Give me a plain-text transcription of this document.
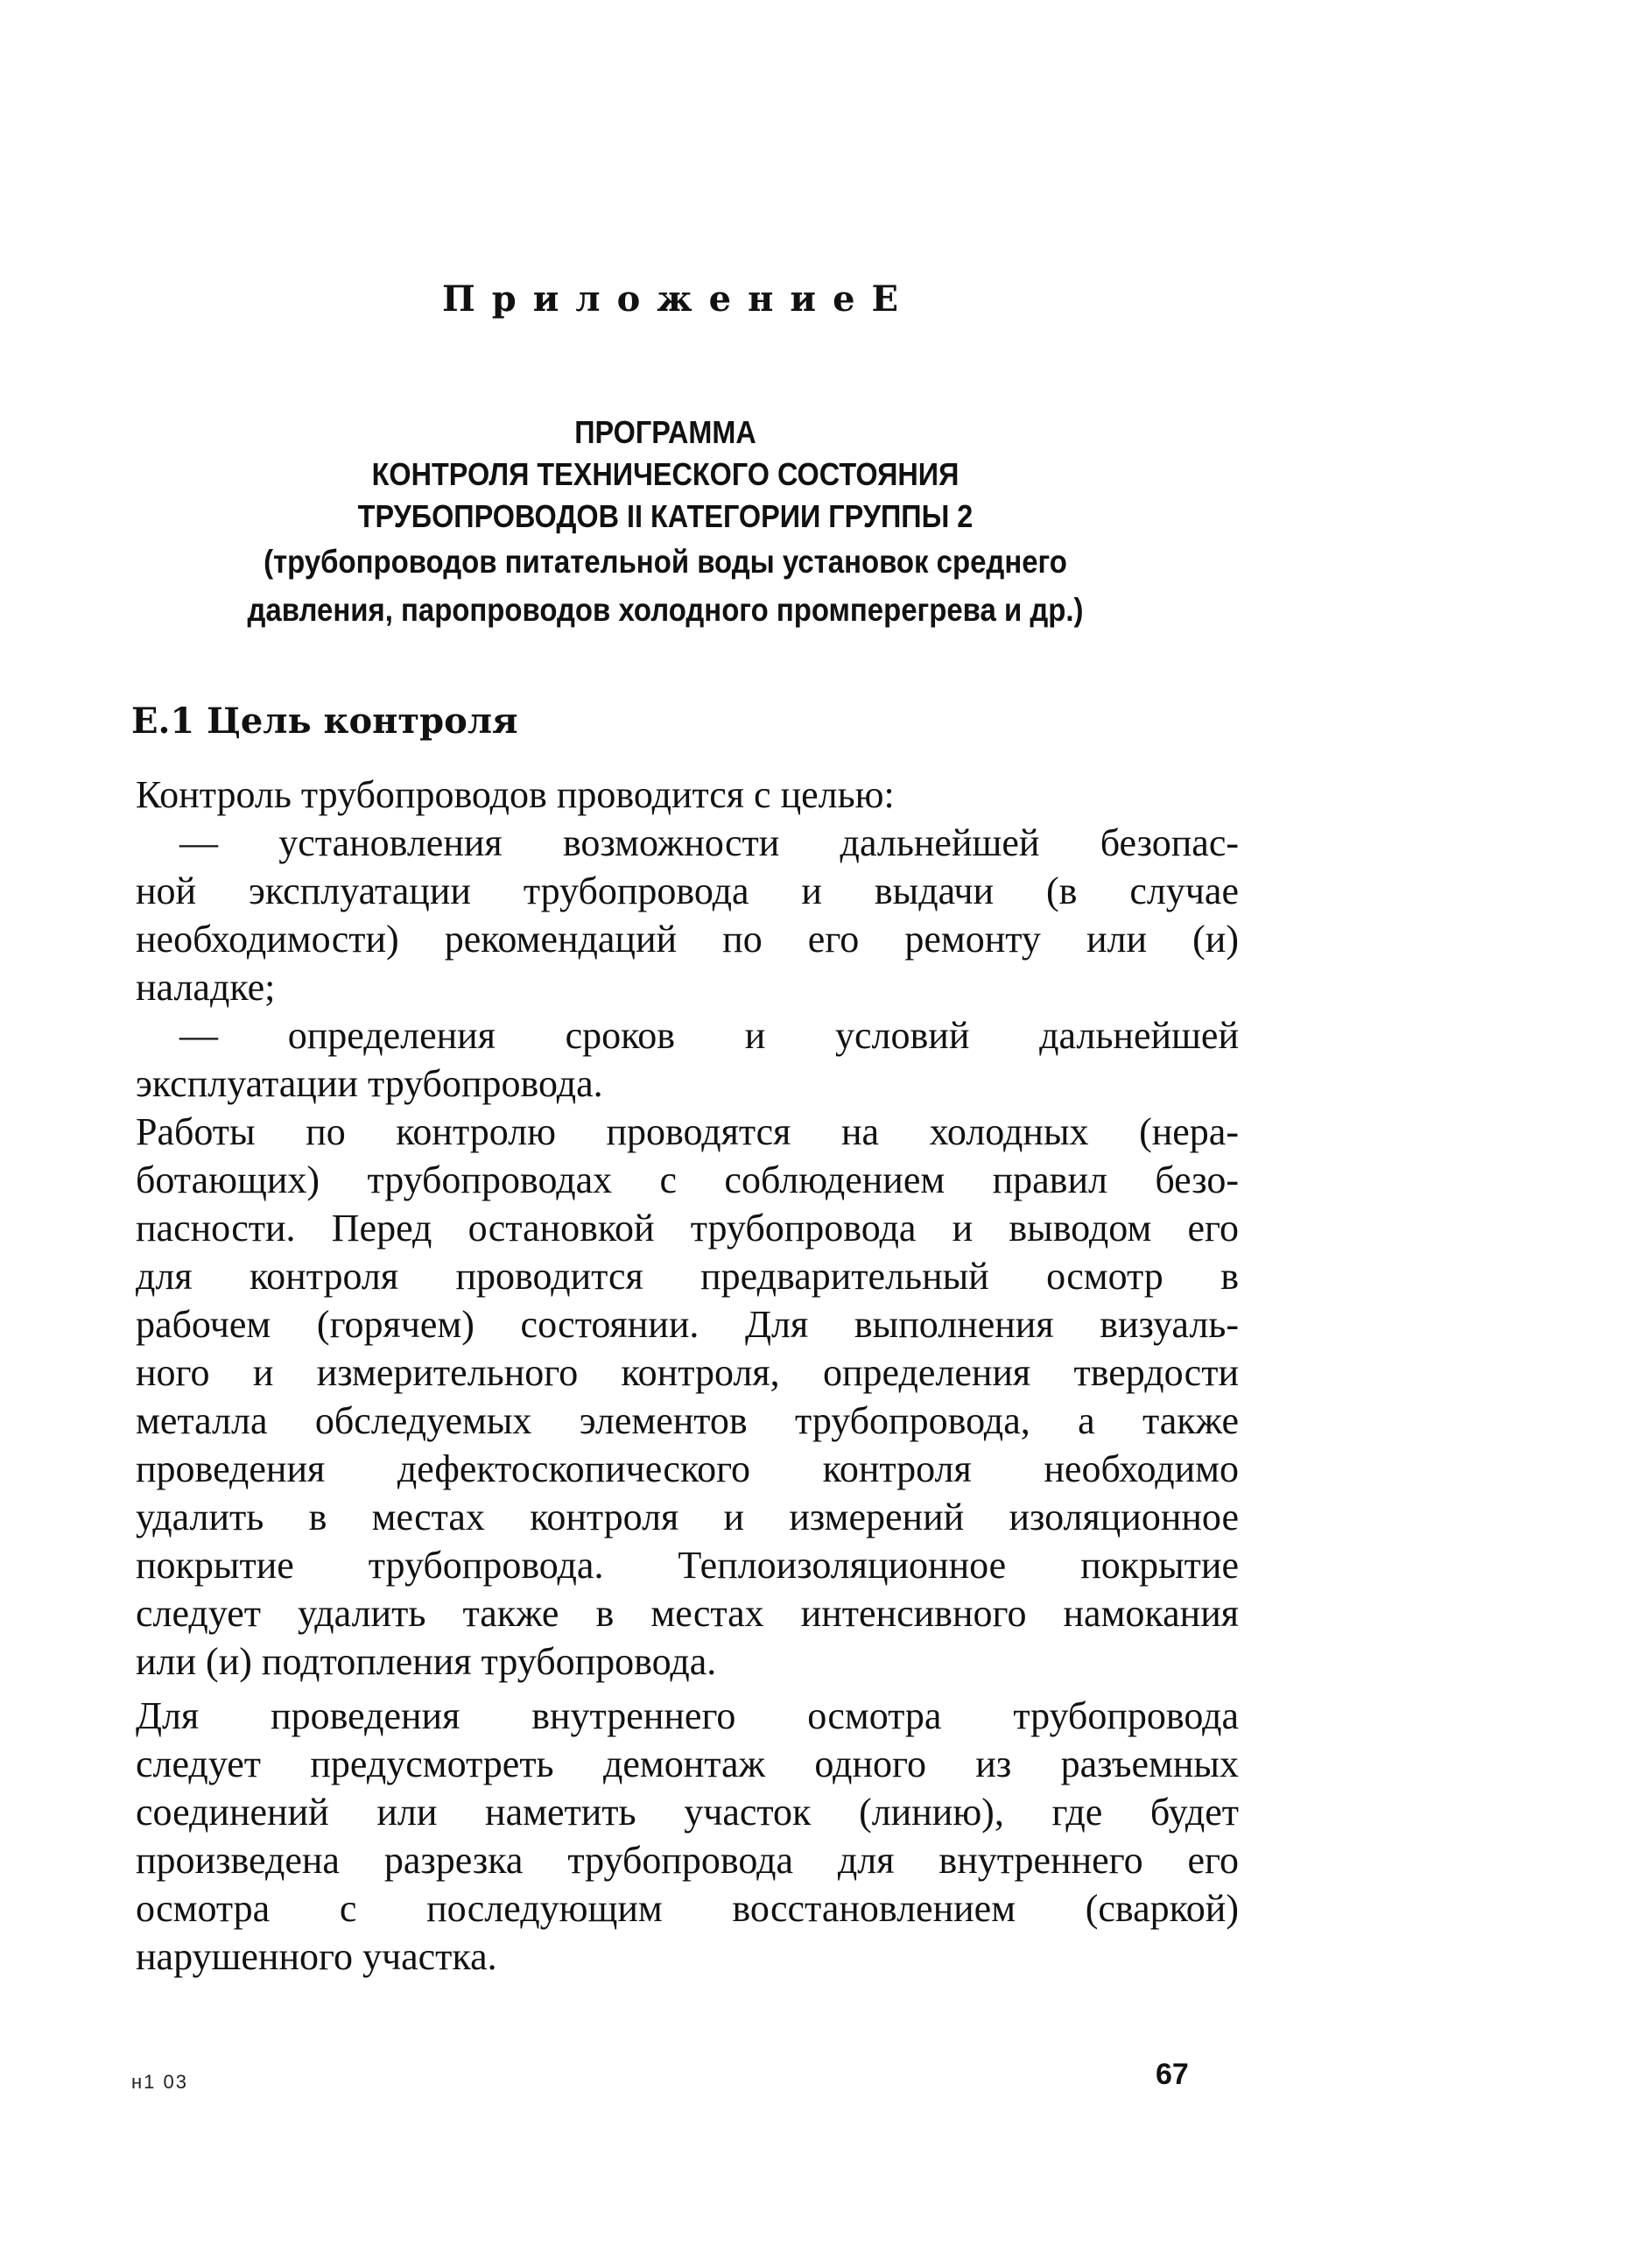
ПриложениеЕ
ПРОГРАММА
КОНТРОЛЯ ТЕХНИЧЕСКОГО СОСТОЯНИЯ
ТРУБОПРОВОДОВ II КАТЕГОРИИ ГРУППЫ 2
(трубопроводов питательной воды установок среднего
давления, паропроводов холодного промперегрева и др.)
Е.1 Цель контроля
Контроль трубопроводов проводится с целью:
— установления возможности дальнейшей безопас-
ной эксплуатации трубопровода и выдачи (в случае
необходимости) рекомендаций по его ремонту или (и)
наладке;
— определения сроков и условий дальнейшей
эксплуатации трубопровода.
Работы по контролю проводятся на холодных (нера-
ботающих) трубопроводах с соблюдением правил безо-
пасности. Перед остановкой трубопровода и выводом его
для контроля проводится предварительный осмотр в
рабочем (горячем) состоянии. Для выполнения визуаль-
ного и измерительного контроля, определения твердости
металла обследуемых элементов трубопровода, а также
проведения дефектоскопического контроля необходимо
удалить в местах контроля и измерений изоляционное
покрытие трубопровода. Теплоизоляционное покрытие
следует удалить также в местах интенсивного намокания
или (и) подтопления трубопровода.
Для проведения внутреннего осмотра трубопровода
следует предусмотреть демонтаж одного из разъемных
соединений или наметить участок (линию), где будет
произведена разрезка трубопровода для внутреннего его
осмотра с последующим восстановлением (сваркой)
нарушенного участка.
н1 03	67
